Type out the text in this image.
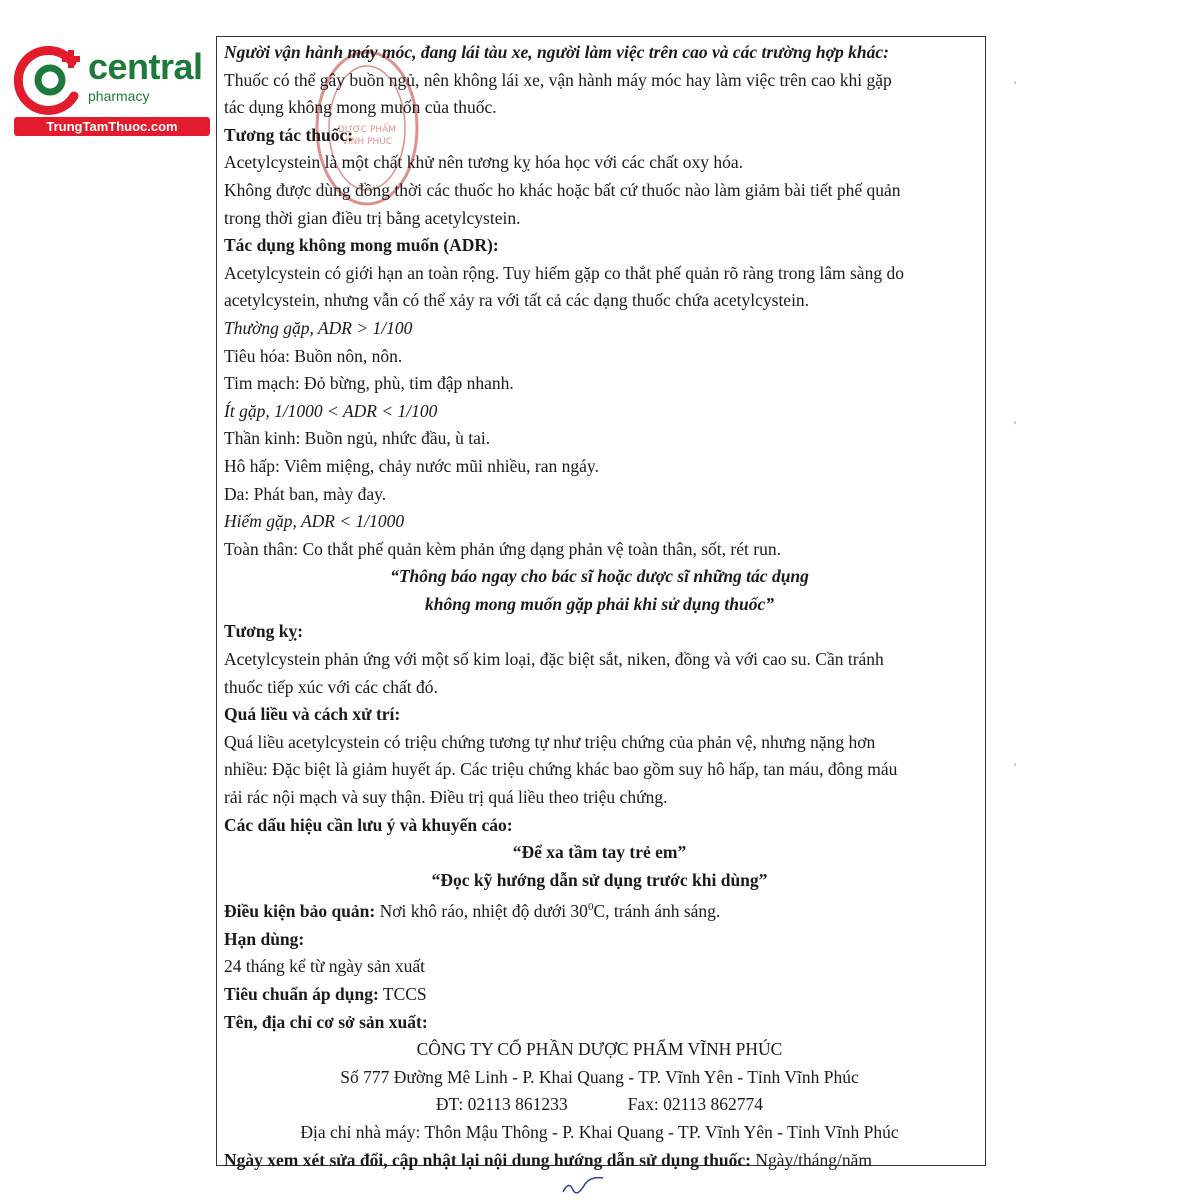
central
pharmacy
TrungTamThuoc.com	DƯỢC PHẨM
VĨNH PHÚC
Người vận hành máy móc, đang lái tàu xe, người làm việc trên cao và các trường hợp khác:
Thuốc có thể gây buồn ngủ, nên không lái xe, vận hành máy móc hay làm việc trên cao khi gặp
tác dụng không mong muốn của thuốc.
Tương tác thuốc:
Acetylcystein là một chất khử nên tương kỵ hóa học với các chất oxy hóa.
Không được dùng đồng thời các thuốc ho khác hoặc bất cứ thuốc nào làm giảm bài tiết phế quản
trong thời gian điều trị bằng acetylcystein.
Tác dụng không mong muốn (ADR):
Acetylcystein có giới hạn an toàn rộng. Tuy hiếm gặp co thắt phế quản rõ ràng trong lâm sàng do
acetylcystein, nhưng vẫn có thể xảy ra với tất cả các dạng thuốc chứa acetylcystein.
Thường gặp, ADR > 1/100
Tiêu hóa: Buồn nôn, nôn.
Tim mạch: Đỏ bừng, phù, tim đập nhanh.
Ít gặp, 1/1000 < ADR < 1/100
Thần kinh: Buồn ngủ, nhức đầu, ù tai.
Hô hấp: Viêm miệng, chảy nước mũi nhiều, ran ngáy.
Da: Phát ban, mày đay.
Hiếm gặp, ADR < 1/1000
Toàn thân: Co thắt phế quản kèm phản ứng dạng phản vệ toàn thân, sốt, rét run.
“Thông báo ngay cho bác sĩ hoặc dược sĩ những tác dụng
không mong muốn gặp phải khi sử dụng thuốc”
Tương kỵ:
Acetylcystein phản ứng với một số kim loại, đặc biệt sắt, niken, đồng và với cao su. Cần tránh
thuốc tiếp xúc với các chất đó.
Quá liều và cách xử trí:
Quá liều acetylcystein có triệu chứng tương tự như triệu chứng của phản vệ, nhưng nặng hơn
nhiều: Đặc biệt là giảm huyết áp. Các triệu chứng khác bao gồm suy hô hấp, tan máu, đông máu
rải rác nội mạch và suy thận. Điều trị quá liều theo triệu chứng.
Các dấu hiệu cần lưu ý và khuyến cáo:
“Để xa tầm tay trẻ em”
“Đọc kỹ hướng dẫn sử dụng trước khi dùng”
Điều kiện bảo quản: Nơi khô ráo, nhiệt độ dưới $30^0C$, tránh ánh sáng.
Hạn dùng:
24 tháng kể từ ngày sản xuất
Tiêu chuẩn áp dụng: TCCS
Tên, địa chỉ cơ sở sản xuất:
CÔNG TY CỔ PHẦN DƯỢC PHẨM VĨNH PHÚC
Số 777 Đường Mê Linh - P. Khai Quang - TP. Vĩnh Yên - Tỉnh Vĩnh Phúc
ĐT: 02113 861233	Fax: 02113 862774
Địa chỉ nhà máy: Thôn Mậu Thông - P. Khai Quang - TP. Vĩnh Yên - Tỉnh Vĩnh Phúc
Ngày xem xét sửa đổi, cập nhật lại nội dung hướng dẫn sử dụng thuốc: Ngày/tháng/năm
'
'
'
